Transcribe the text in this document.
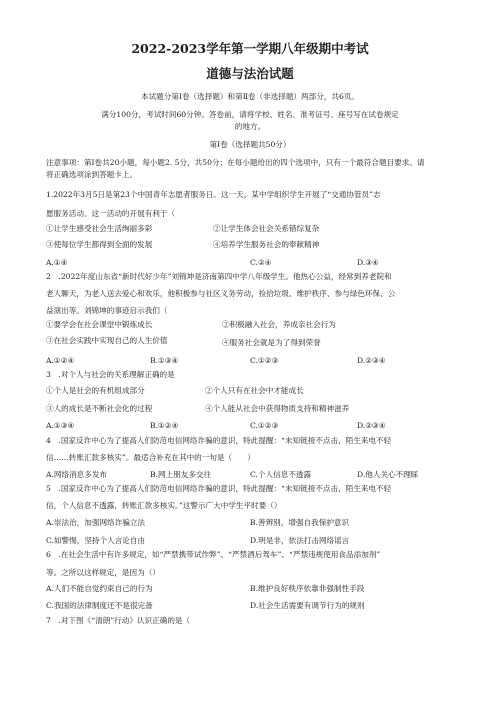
2022-2023学年第一学期八年级期中考试
道德与法治试题
本试题分第Ⅰ卷（选择题）和第Ⅱ卷（非选择题）两部分，共6页。
满分100分，考试时间60分钟。答卷前，请将学校、姓名、准考证号、座号写在试卷规定
的地方。
第Ⅰ卷（选择题共50分）
注意事项：第Ⅰ卷共20小题，每小题2. 5分，共50分；在每小题给出的四个选项中，只有一个最符合题目要求。请
将正确选项涂到答题卡上。
1.2022年3月5日是第23个中国青年志愿者服务日。这一天，某中学组织学生开展了“交通协管员”志
愿服务活动。这一活动的开展有利于（
①让学生感受社会生活绚丽多彩	②让学生体会社会关系错综复杂
③使每位学生都得到全面的发展	④培养学生服务社会的奉献精神
A.①④	C.②④	D.③④
2　.2022年度山东省“新时代好少年”刘锦坤是济南第四中学八年级学生。他热心公益，经常到养老院和
老人聊天，为老人送去爱心和欢乐，他积极参与社区义务劳动，捡拾垃圾、维护秩序、参与绿色环保、公
益演出等。刘锦坤的事迹启示我们（
①要学会在社会课堂中锻炼成长	②积极融入社会，养成亲社会行为
③在社会实践中实现自己的人生价值	④服务社会就是为了得到荣誉
A.①②④	B.①③④	C.①②③	D.②③④
3　.对个人与社会的关系理解正确的是
①个人是社会的有机组成部分	②个人只有在社会中才能成长
③人的成长是不断社会化的过程	④个人能从社会中获得物质支持和精神滋养
A.①③④	B.①②④	C.①②③	D.②③④
4　.国家反诈中心为了提高人们防范电信网络诈骗的意识，特此提醒：“未知链接不点击，陌生来电不轻
信……转账汇款多核实”。最适合补充在其中的一句是（　　）
A.网络消息多发布	B.网上朋友多交往	C.个人信息不透露	D.他人关心不理睬
5　.国家反诈中心为了提高人们防范电信网络诈骗的意识，特此提醒：“未知链接不点击，陌生来电不轻
信，个人信息不透露，转账汇款多核实。”这警示广大中学生平时要（）
A.崇法治，加强网络诈骗立法	B.善辨别，增强自我保护意识
C.如警惕，坚持个人言论自由	D.明是非，依法打击网络谣言
6　.在社会生活中有许多规定，如“严禁携带试作弊”、“严禁酒后驾车”、“严禁违规使用食品添加剂”
等。之所以这样规定，是因为（）
A.人们不能自觉约束自己的行为	B.维护良好秩序依靠非强制性手段
C.我国的法律制度还不是很完备	D.社会生活需要有调节行为的规则
7　.对下图《“清朗”行动》认识正确的是（
